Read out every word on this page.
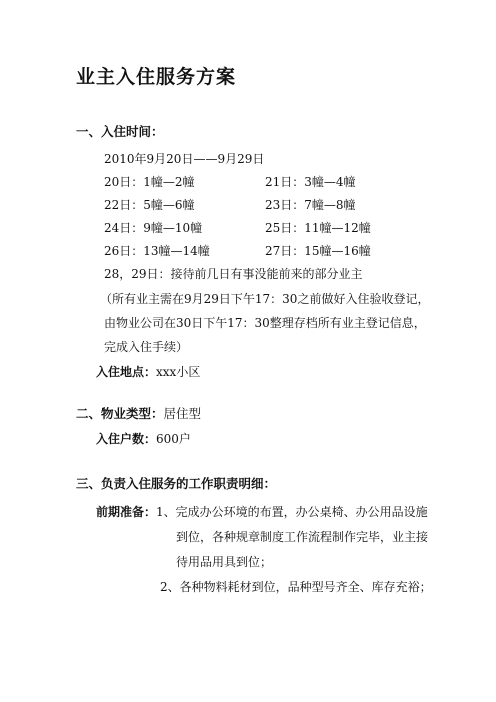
业主入住服务方案
一、入住时间：
2010年9月20日——9月29日
20日：1幢—2幢	21日：3幢—4幢
22日：5幢—6幢	23日：7幢—8幢
24日：9幢—10幢	25日：11幢—12幢
26日：13幢—14幢	27日：15幢—16幢
28，29日：接待前几日有事没能前来的部分业主
（所有业主需在9月29日下午17：30之前做好入住验收登记，
由物业公司在30日下午17：30整理存档所有业主登记信息，
完成入住手续）
入住地点：xxx小区
二、物业类型：居住型
入住户数：600户
三、负责入住服务的工作职责明细：
前期准备：1、完成办公环境的布置，办公桌椅、办公用品设施
到位，各种规章制度工作流程制作完毕，业主接
待用品用具到位；
2、各种物料耗材到位，品种型号齐全、库存充裕；
